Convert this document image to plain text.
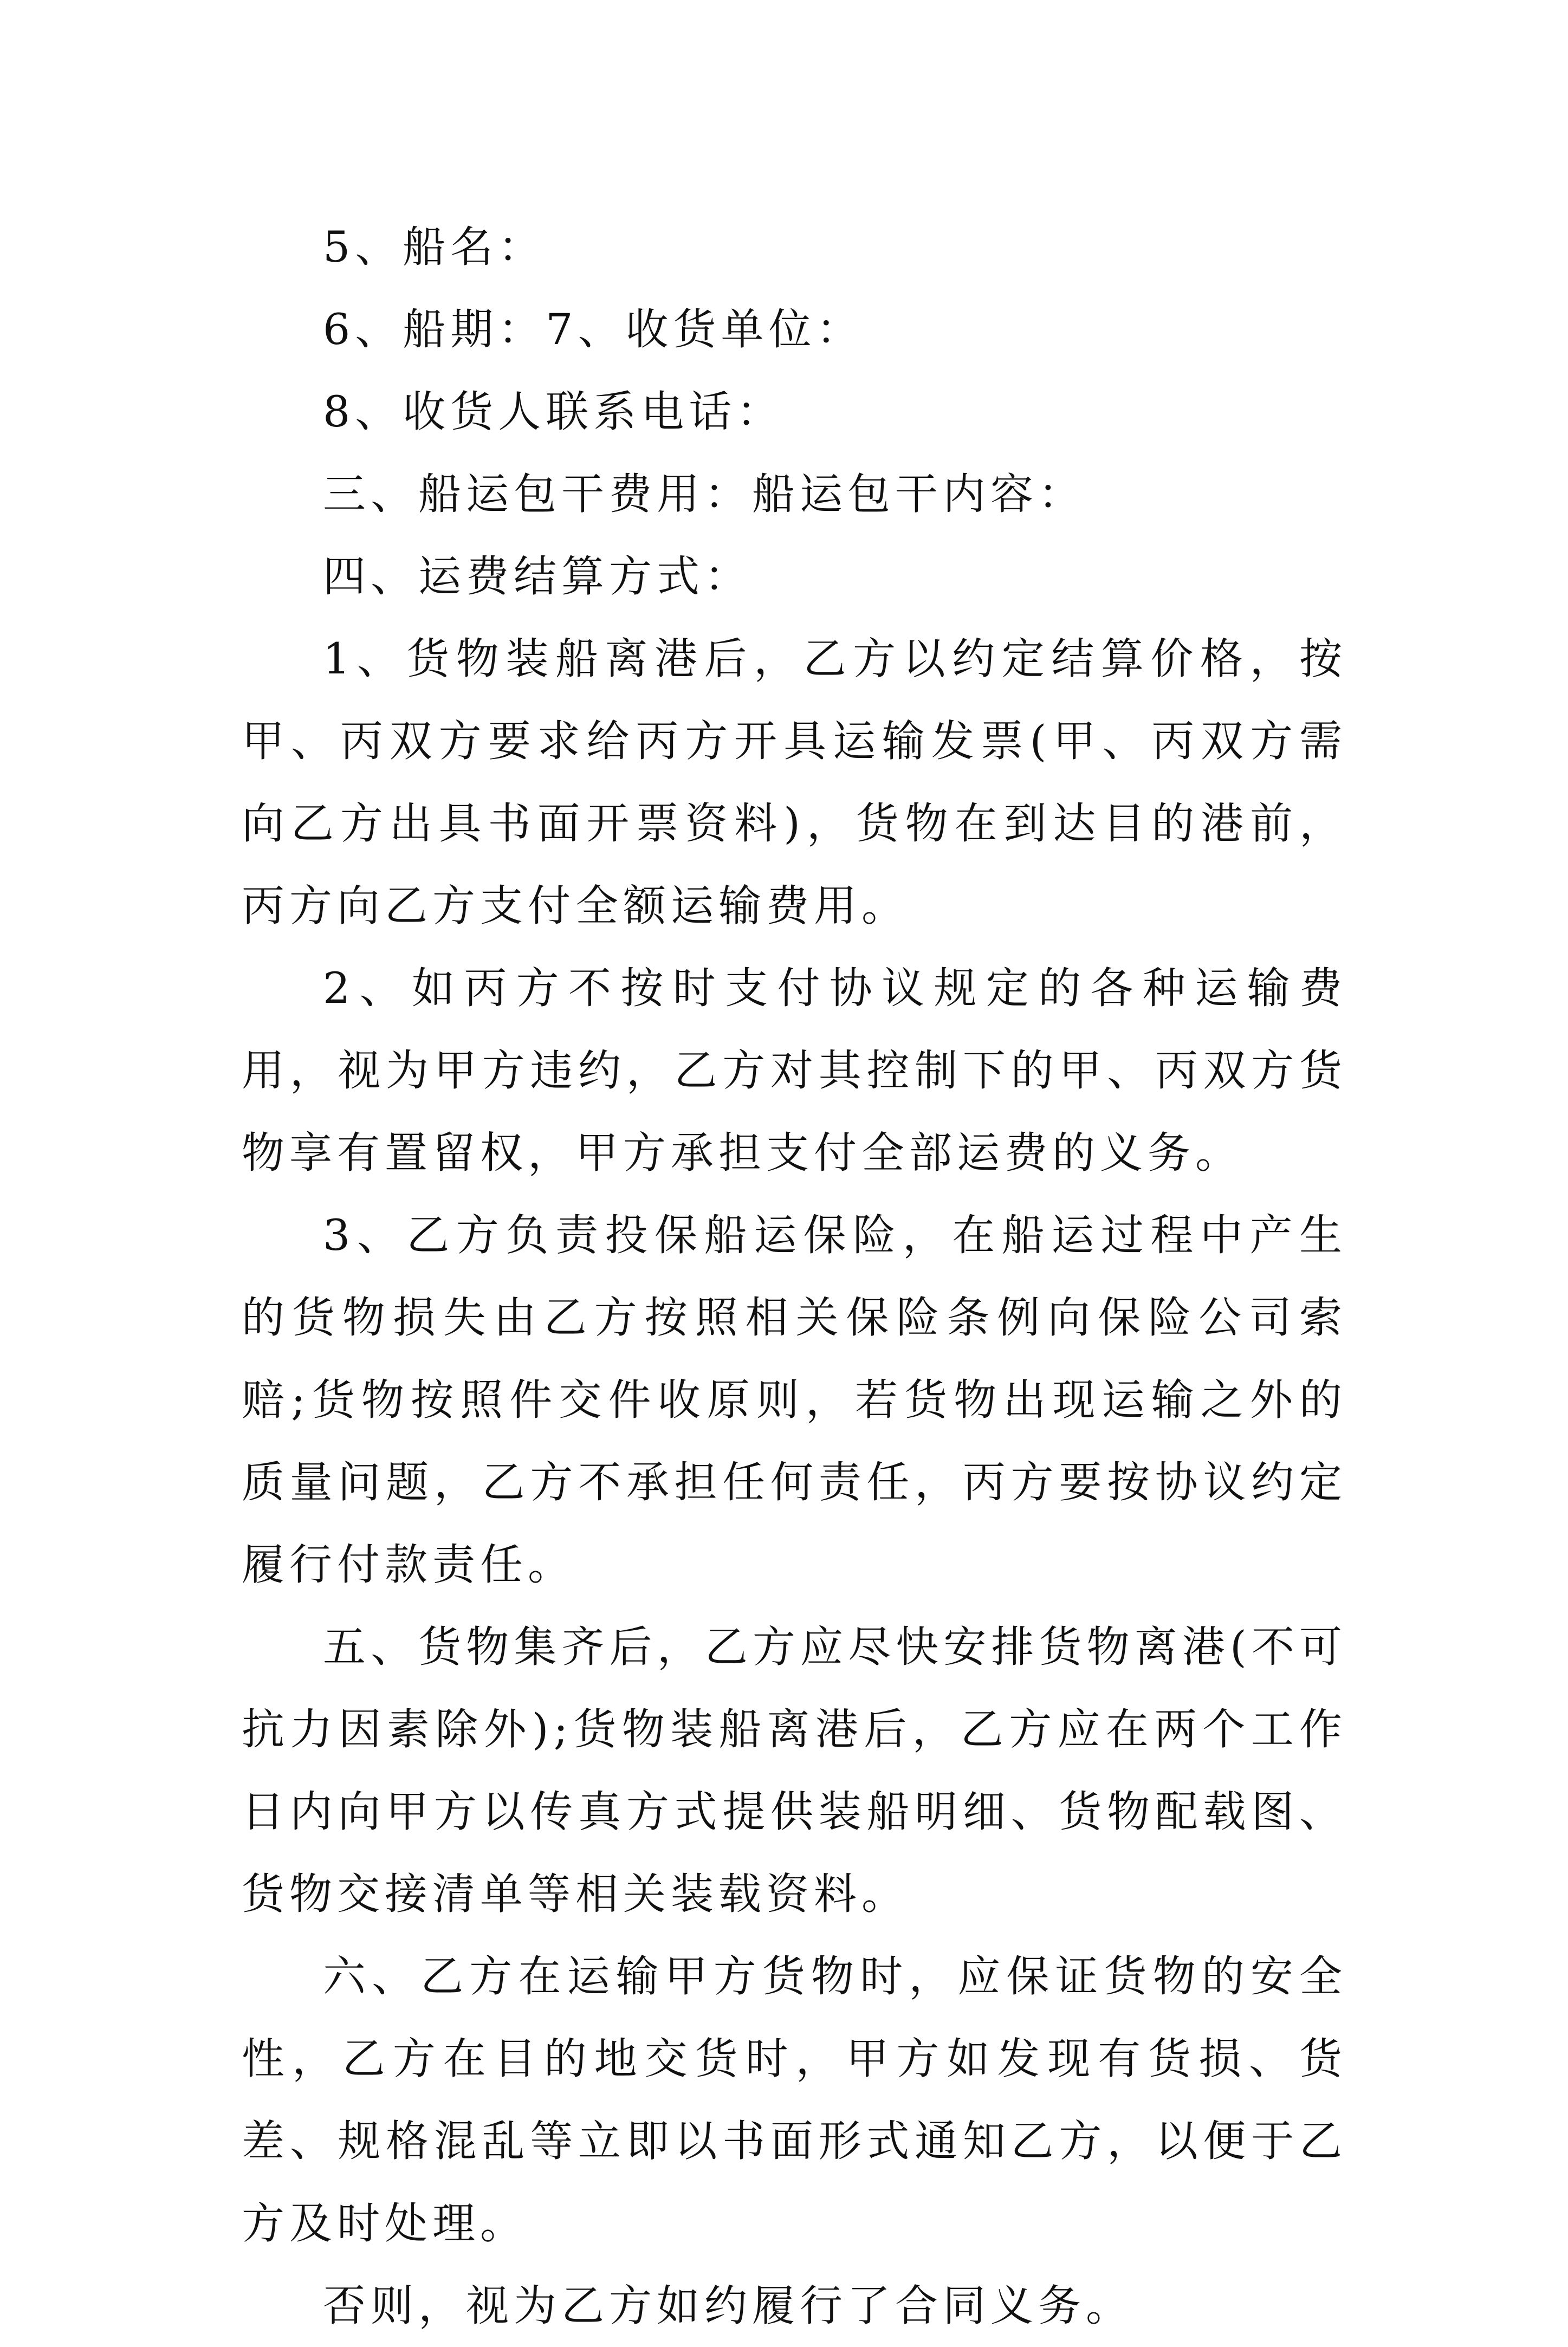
5、船名：
6、船期：7、收货单位：
8、收货人联系电话：
三、船运包干费用：船运包干内容：
四、运费结算方式：

1、货物装船离港后，乙方以约定结算价格，按甲、丙双方要求给丙方开具运输发票(甲、丙双方需向乙方出具书面开票资料)，货物在到达目的港前，丙方向乙方支付全额运输费用。

2、如丙方不按时支付协议规定的各种运输费用，视为甲方违约，乙方对其控制下的甲、丙双方货物享有置留权，甲方承担支付全部运费的义务。

3、乙方负责投保船运保险，在船运过程中产生的货物损失由乙方按照相关保险条例向保险公司索赔;货物按照件交件收原则，若货物出现运输之外的质量问题，乙方不承担任何责任，丙方要按协议约定履行付款责任。

五、货物集齐后，乙方应尽快安排货物离港(不可抗力因素除外);货物装船离港后，乙方应在两个工作日内向甲方以传真方式提供装船明细、货物配载图、货物交接清单等相关装载资料。

六、乙方在运输甲方货物时，应保证货物的安全性，乙方在目的地交货时，甲方如发现有货损、货差、规格混乱等立即以书面形式通知乙方，以便于乙方及时处理。

否则，视为乙方如约履行了合同义务。
